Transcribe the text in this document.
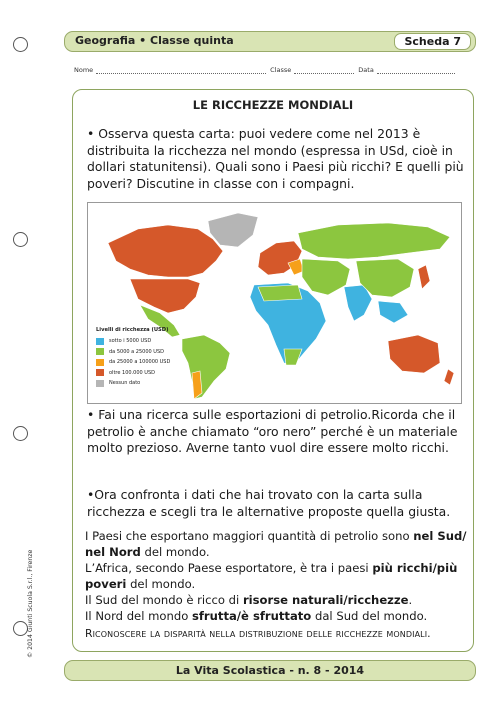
Geografia • Classe quinta	Scheda 7
Nome	Classe	Data
LE RICCHEZZE MONDIALI
• Osserva questa carta: puoi vedere come nel 2013 è distribuita la ricchezza nel mondo (espressa in USd, cioè in dollari statunitensi). Quali sono i Paesi più ricchi? E quelli più poveri? Discutine in classe con i compagni.
Livelli di ricchezza (USD)
sotto i 5000 USD
da 5000 a 25000 USD
da 25000 a 100000 USD
oltre 100.000 USD
Nessun dato
• Fai una ricerca sulle esportazioni di petrolio.Ricorda che il petrolio è anche chiamato “oro nero” perché è un materiale molto prezioso. Averne tanto vuol dire essere molto ricchi.
•Ora confronta i dati che hai trovato con la carta sulla ricchezza e scegli tra le alternative proposte quella giusta.
I Paesi che esportano maggiori quantità di petrolio sono nel Sud/ nel Nord del mondo.
L’Africa, secondo Paese esportatore, è tra i paesi più ricchi/più poveri del mondo.
Il Sud del mondo è ricco di risorse naturali/ricchezze.
Il Nord del mondo sfrutta/è sfruttato dal Sud del mondo.
Riconoscere la disparità nella distribuzione delle ricchezze mondiali.
La Vita Scolastica - n. 8 - 2014
© 2014 Giunti Scuola S.r.l., Firenze
